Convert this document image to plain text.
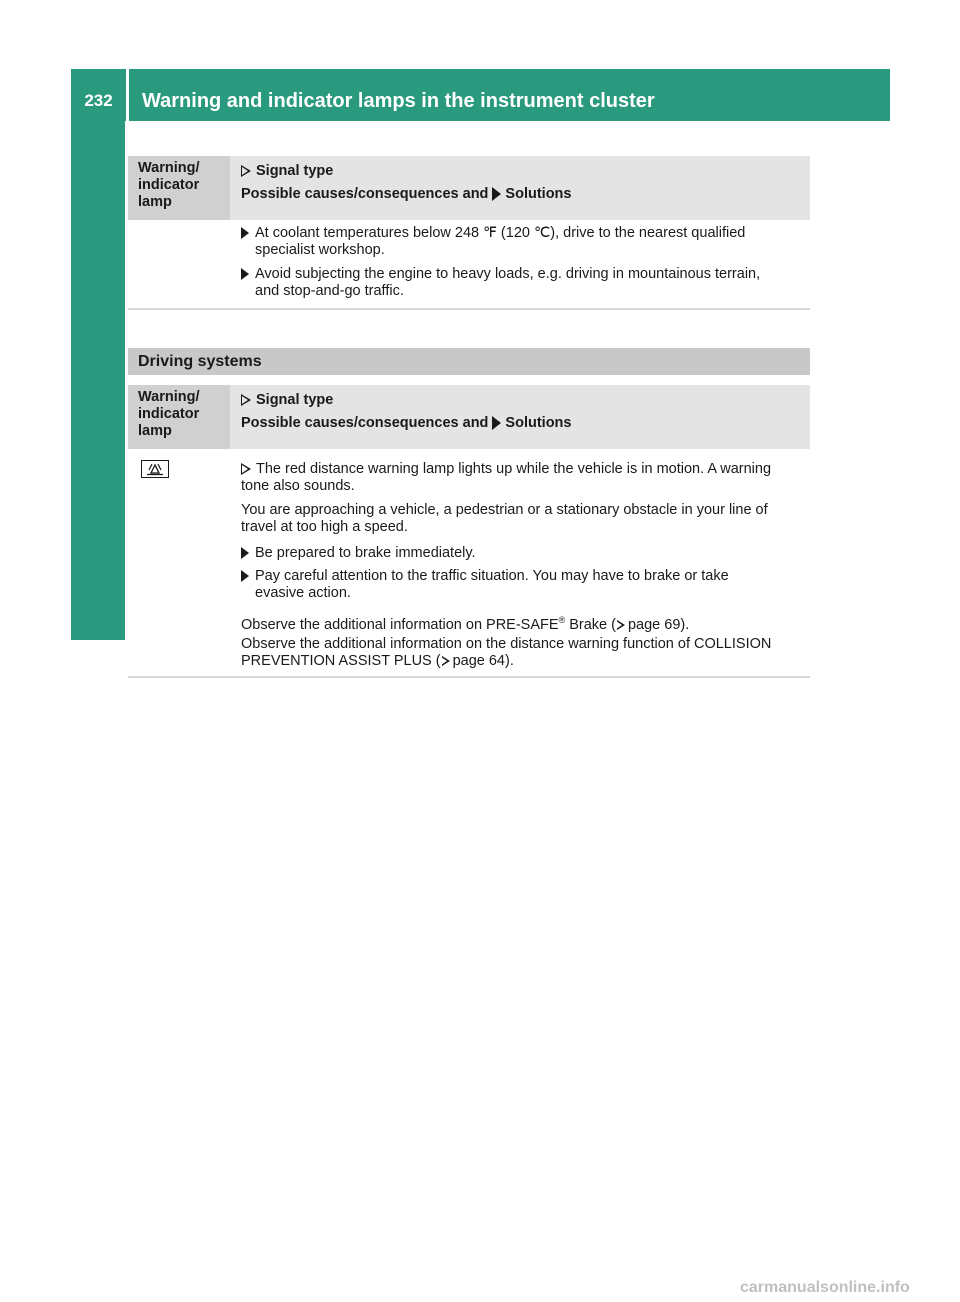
232	Warning and indicator lamps in the instrument cluster
On-board computer and displays
Warning/
indicator
lamp
Signal type
Possible causes/consequences and Solutions
At coolant temperatures below 248 ℉ (120 ℃), drive to the nearest qualified
specialist workshop.
Avoid subjecting the engine to heavy loads, e.g. driving in mountainous terrain,
and stop-and-go traffic.
Driving systems
Warning/
indicator
lamp
Signal type
Possible causes/consequences and Solutions
The red distance warning lamp lights up while the vehicle is in motion. A warning
tone also sounds.
You are approaching a vehicle, a pedestrian or a stationary obstacle in your line of
travel at too high a speed.
Be prepared to brake immediately.
Pay careful attention to the traffic situation. You may have to brake or take
evasive action.
Observe the additional information on PRE-SAFE® Brake ( page 69).
Observe the additional information on the distance warning function of COLLISION
PREVENTION ASSIST PLUS ( page 64).
carmanualsonline.info
